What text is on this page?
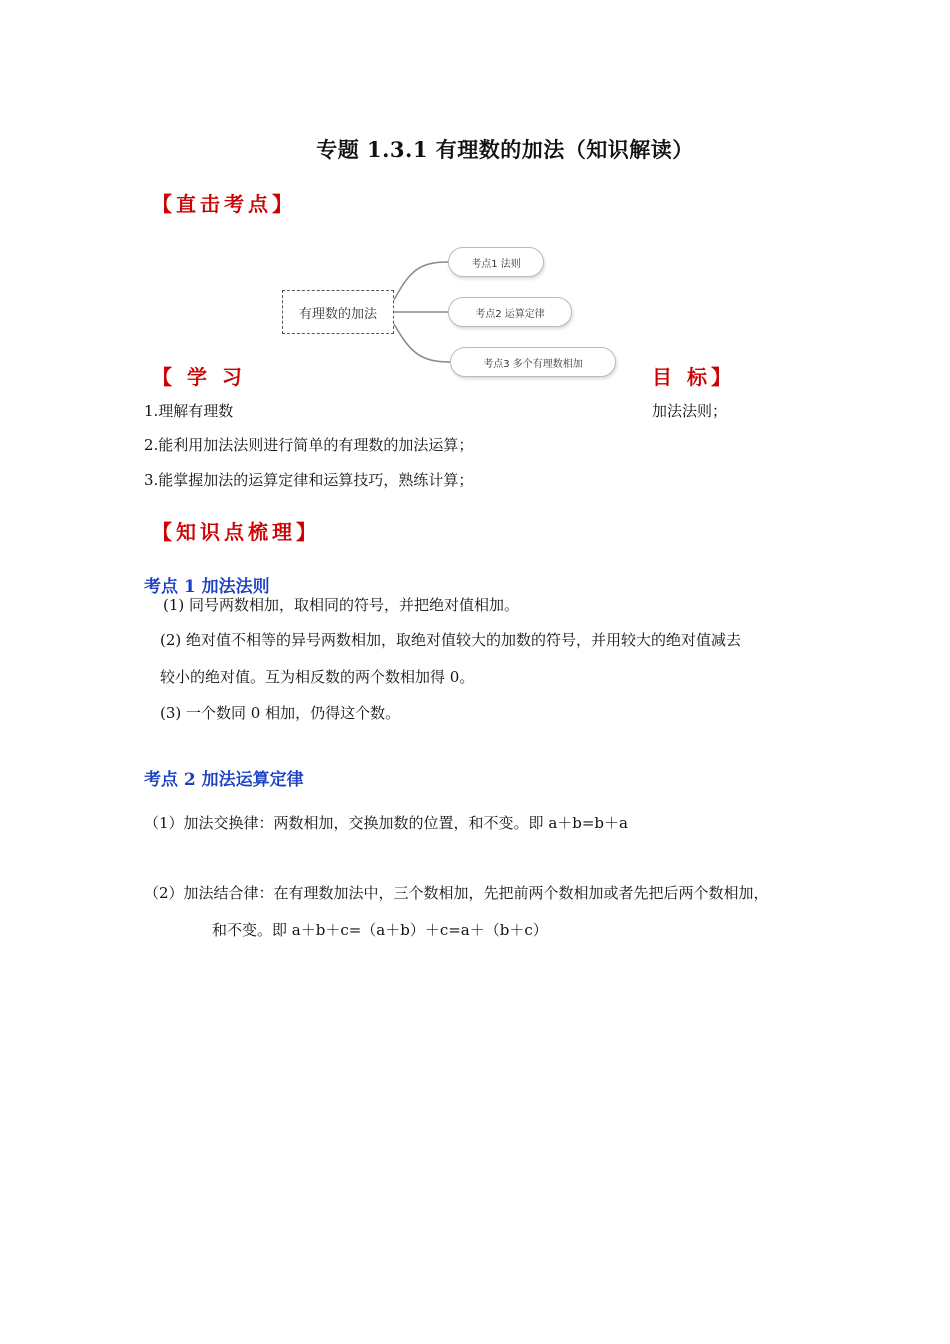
专题 1.3.1 有理数的加法（知识解读）
【直击考点】
有理数的加法
考点1 法则
考点2 运算定律
考点3 多个有理数相加
【 学 习	目 标】
1.理解有理数	加法法则；
2.能利用加法法则进行简单的有理数的加法运算；
3.能掌握加法的运算定律和运算技巧，熟练计算；
【知识点梳理】
考点 1 加法法则
(1) 同号两数相加，取相同的符号，并把绝对值相加。
(2) 绝对值不相等的异号两数相加，取绝对值较大的加数的符号，并用较大的绝对值减去
较小的绝对值。互为相反数的两个数相加得 0。
(3) 一个数同 0 相加，仍得这个数。
考点 2 加法运算定律
（1）加法交换律：两数相加，交换加数的位置，和不变。即 a＋b=b＋a
（2）加法结合律：在有理数加法中，三个数相加，先把前两个数相加或者先把后两个数相加，
和不变。即 a＋b＋c=（a＋b）＋c=a＋（b＋c）
